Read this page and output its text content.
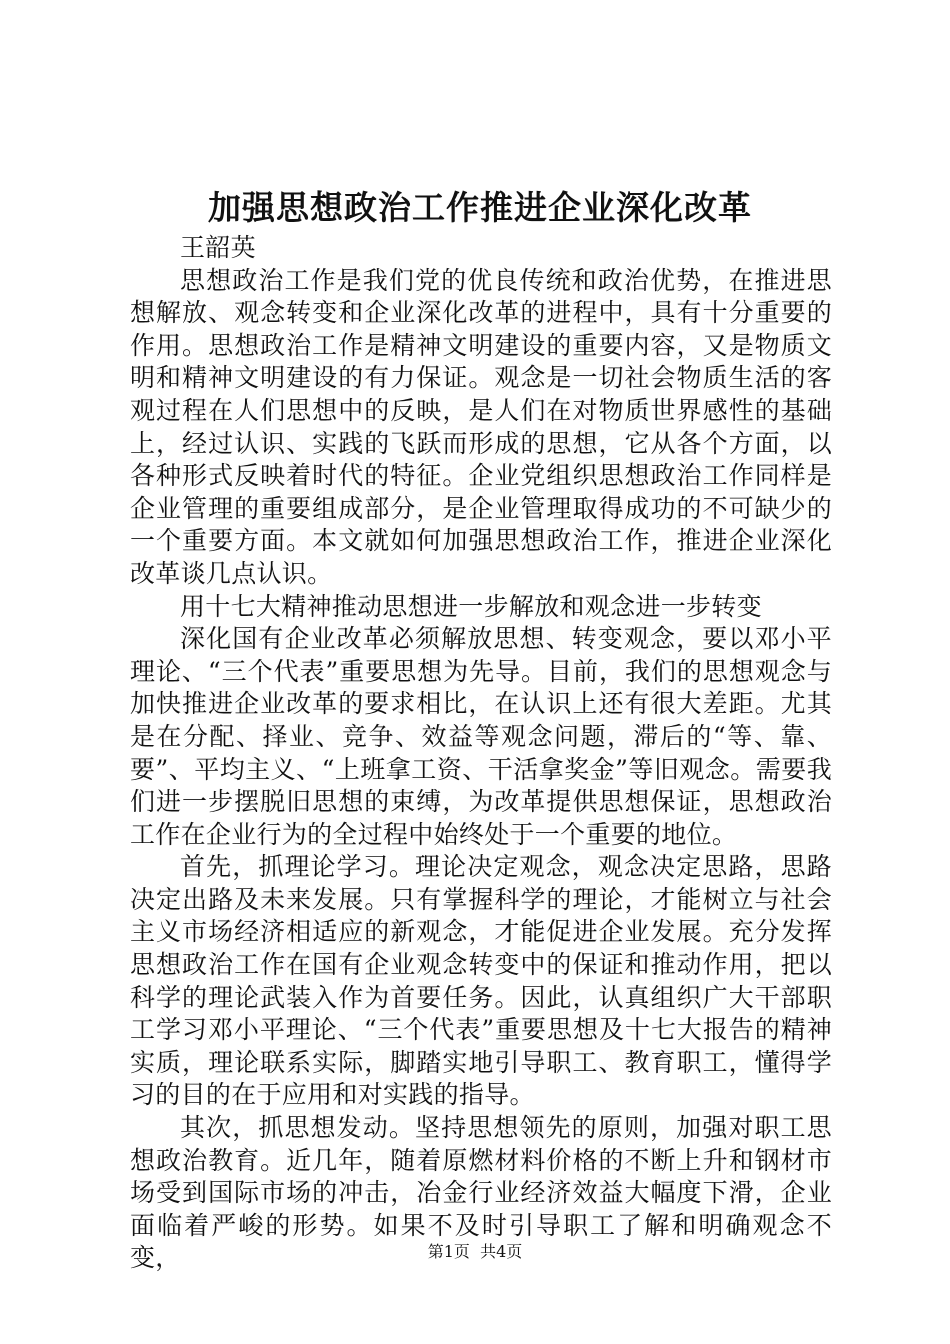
加强思想政治工作推进企业深化改革

王韶英

思想政治工作是我们党的优良传统和政治优势，在推进思想解放、观念转变和企业深化改革的进程中，具有十分重要的作用。思想政治工作是精神文明建设的重要内容，又是物质文明和精神文明建设的有力保证。观念是一切社会物质生活的客观过程在人们思想中的反映，是人们在对物质世界感性的基础上，经过认识、实践的飞跃而形成的思想，它从各个方面，以各种形式反映着时代的特征。企业党组织思想政治工作同样是企业管理的重要组成部分，是企业管理取得成功的不可缺少的一个重要方面。本文就如何加强思想政治工作，推进企业深化改革谈几点认识。

用十七大精神推动思想进一步解放和观念进一步转变

深化国有企业改革必须解放思想、转变观念，要以邓小平理论、“三个代表”重要思想为先导。目前，我们的思想观念与加快推进企业改革的要求相比，在认识上还有很大差距。尤其是在分配、择业、竞争、效益等观念问题，滞后的“等、靠、要”、平均主义、“上班拿工资、干活拿奖金”等旧观念。需要我们进一步摆脱旧思想的束缚，为改革提供思想保证，思想政治工作在企业行为的全过程中始终处于一个重要的地位。

首先，抓理论学习。理论决定观念，观念决定思路，思路决定出路及未来发展。只有掌握科学的理论，才能树立与社会主义市场经济相适应的新观念，才能促进企业发展。充分发挥思想政治工作在国有企业观念转变中的保证和推动作用，把以科学的理论武装入作为首要任务。因此，认真组织广大干部职工学习邓小平理论、“三个代表”重要思想及十七大报告的精神实质，理论联系实际，脚踏实地引导职工、教育职工，懂得学习的目的在于应用和对实践的指导。

其次，抓思想发动。坚持思想领先的原则，加强对职工思想政治教育。近几年，随着原燃材料价格的不断上升和钢材市场受到国际市场的冲击，冶金行业经济效益大幅度下滑，企业面临着严峻的形势。如果不及时引导职工了解和明确观念不变，	第1页 共4页
